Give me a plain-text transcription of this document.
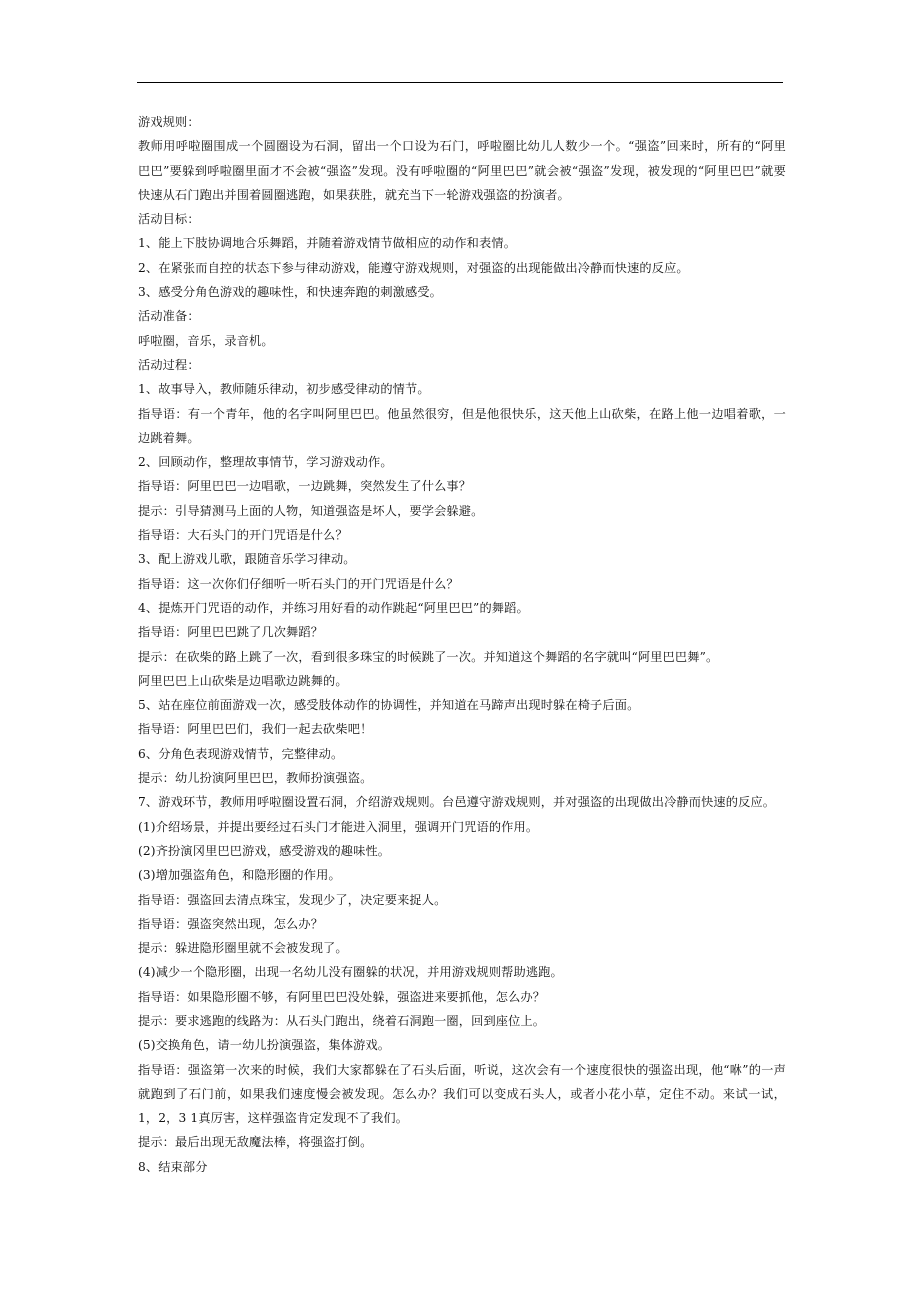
游戏规则：

教师用呼啦圈围成一个圆圈设为石洞，留出一个口设为石门，呼啦圈比幼儿人数少一个。“强盗”回来时，所有的“阿里巴巴”要躲到呼啦圈里面才不会被“强盗”发现。没有呼啦圈的“阿里巴巴”就会被“强盗”发现，被发现的“阿里巴巴”就要快速从石门跑出并围着圆圈逃跑，如果获胜，就充当下一轮游戏强盗的扮演者。

活动目标：

1、能上下肢协调地合乐舞蹈，并随着游戏情节做相应的动作和表情。

2、在紧张而自控的状态下参与律动游戏，能遵守游戏规则，对强盗的出现能做出冷静而快速的反应。

3、感受分角色游戏的趣味性，和快速奔跑的刺激感受。

活动准备：

呼啦圈，音乐，录音机。

活动过程：

1、故事导入，教师随乐律动，初步感受律动的情节。

指导语：有一个青年，他的名字叫阿里巴巴。他虽然很穷，但是他很快乐，这天他上山砍柴，在路上他一边唱着歌，一边跳着舞。

2、回顾动作，整理故事情节，学习游戏动作。

指导语：阿里巴巴一边唱歌，一边跳舞，突然发生了什么事？

提示：引导猜测马上面的人物，知道强盗是坏人，要学会躲避。

指导语：大石头门的开门咒语是什么？

3、配上游戏儿歌，跟随音乐学习律动。

指导语：这一次你们仔细听一听石头门的开门咒语是什么？

4、提炼开门咒语的动作，并练习用好看的动作跳起“阿里巴巴”的舞蹈。

指导语：阿里巴巴跳了几次舞蹈？

提示：在砍柴的路上跳了一次，看到很多珠宝的时候跳了一次。并知道这个舞蹈的名字就叫“阿里巴巴舞”。

阿里巴巴上山砍柴是边唱歌边跳舞的。

5、站在座位前面游戏一次，感受肢体动作的协调性，并知道在马蹄声出现时躲在椅子后面。

指导语：阿里巴巴们，我们一起去砍柴吧！

6、分角色表现游戏情节，完整律动。

提示：幼儿扮演阿里巴巴，教师扮演强盗。

7、游戏环节，教师用呼啦圈设置石洞，介绍游戏规则。台邑遵守游戏规则，并对强盗的出现做出冷静而快速的反应。

(1)介绍场景，并提出要经过石头门才能进入洞里，强调开门咒语的作用。

(2)齐扮演冈里巴巴游戏，感受游戏的趣味性。

(3)增加强盗角色，和隐形圈的作用。

指导语：强盗回去清点珠宝，发现少了，决定要来捉人。

指导语：强盗突然出现，怎么办？

提示：躲进隐形圈里就不会被发现了。

(4)减少一个隐形圈，出现一名幼儿没有圈躲的状况，并用游戏规则帮助逃跑。

指导语：如果隐形圈不够，有阿里巴巴没处躲，强盗进来要抓他，怎么办？

提示：要求逃跑的线路为：从石头门跑出，绕着石洞跑一圈，回到座位上。

(5)交换角色，请一幼儿扮演强盗，集体游戏。

指导语：强盗第一次来的时候，我们大家都躲在了石头后面，听说，这次会有一个速度很快的强盗出现，他“咻”的一声就跑到了石门前，如果我们速度慢会被发现。怎么办？我们可以变成石头人，或者小花小草，定住不动。来试一试，1，2，3 1真厉害，这样强盗肯定发现不了我们。

提示：最后出现无敌魔法棒，将强盗打倒。

8、结束部分
